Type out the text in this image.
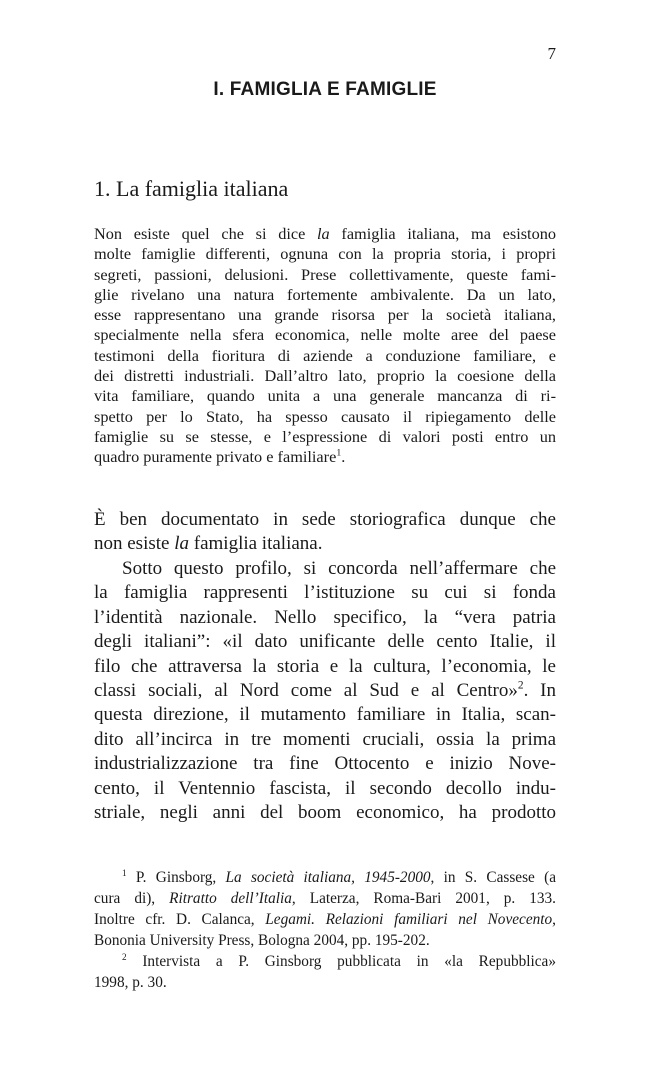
7
I. FAMIGLIA E FAMIGLIE
1. La famiglia italiana

Non esiste quel che si dice la famiglia italiana, ma esistono
molte famiglie differenti, ognuna con la propria storia, i propri
segreti, passioni, delusioni. Prese collettivamente, queste fami-
glie rivelano una natura fortemente ambivalente. Da un lato,
esse rappresentano una grande risorsa per la società italiana,
specialmente nella sfera economica, nelle molte aree del paese
testimoni della fioritura di aziende a conduzione familiare, e
dei distretti industriali. Dall’altro lato, proprio la coesione della
vita familiare, quando unita a una generale mancanza di ri-
spetto per lo Stato, ha spesso causato il ripiegamento delle
famiglie su se stesse, e l’espressione di valori posti entro un
quadro puramente privato e familiare$^1$.

È ben documentato in sede storiografica dunque che
non esiste la famiglia italiana.

Sotto questo profilo, si concorda nell’affermare che
la famiglia rappresenti l’istituzione su cui si fonda
l’identità nazionale. Nello specifico, la “vera patria
degli italiani”: «il dato unificante delle cento Italie, il
filo che attraversa la storia e la cultura, l’economia, le
classi sociali, al Nord come al Sud e al Centro»$^2$. In
questa direzione, il mutamento familiare in Italia, scan-
dito all’incirca in tre momenti cruciali, ossia la prima
industrializzazione tra fine Ottocento e inizio Nove-
cento, il Ventennio fascista, il secondo decollo indu-
striale, negli anni del boom economico, ha prodotto

$^1$ P. Ginsborg, La società italiana, 1945-2000, in S. Cassese (a
cura di), Ritratto dell’Italia, Laterza, Roma-Bari 2001, p. 133.
Inoltre cfr. D. Calanca, Legami. Relazioni familiari nel Novecento,
Bononia University Press, Bologna 2004, pp. 195-202.
$^2$ Intervista a P. Ginsborg pubblicata in «la Repubblica»
1998, p. 30.
